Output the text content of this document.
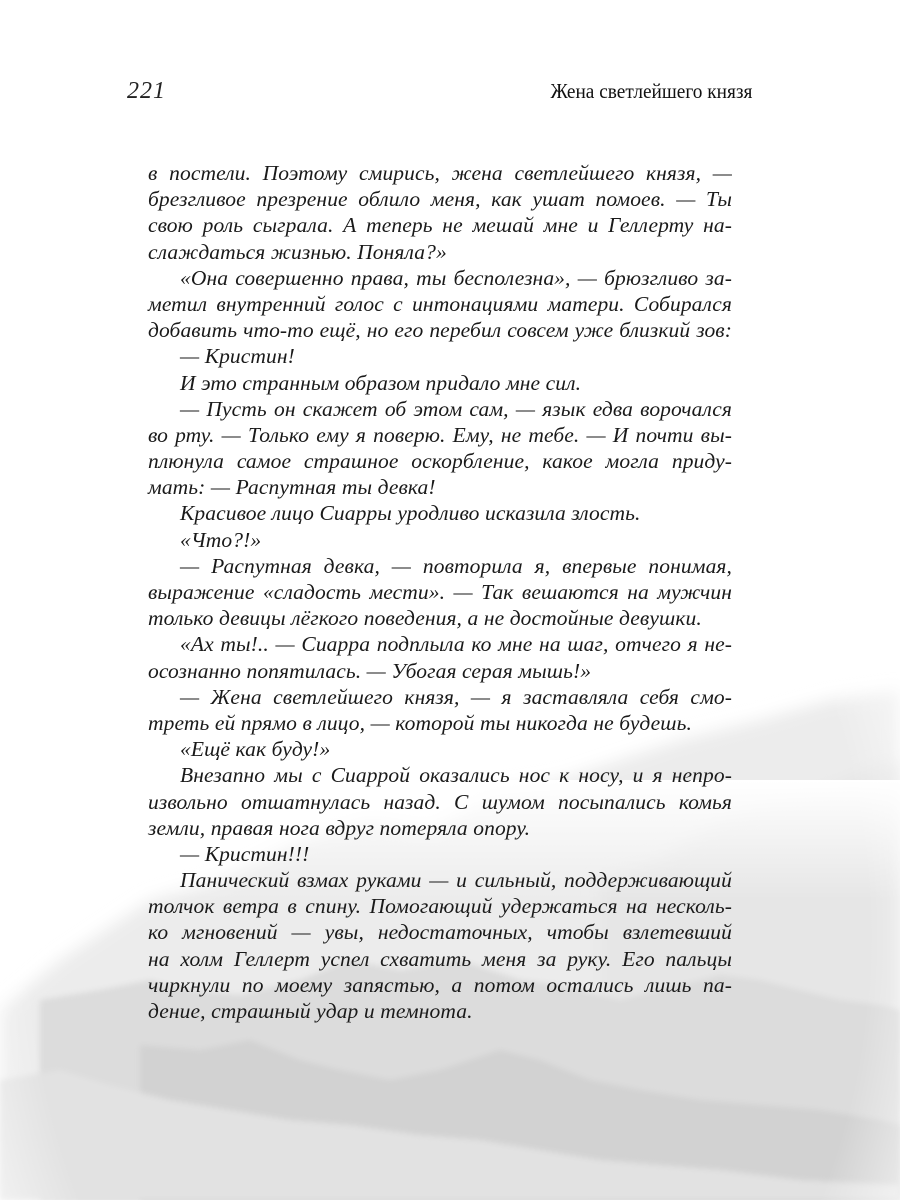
221	Жена светлейшего князя
в постели. Поэтому смирись, жена светлейшего князя, —
брезгливое презрение облило меня, как ушат помоев. — Ты
свою роль сыграла. А теперь не мешай мне и Геллерту на-
слаждаться жизнью. Поняла?»
«Она совершенно права, ты бесполезна», — брюзгливо за-
метил внутренний голос с интонациями матери. Собирался
добавить что-то ещё, но его перебил совсем уже близкий зов:
— Кристин!
И это странным образом придало мне сил.
— Пусть он скажет об этом сам, — язык едва ворочался
во рту. — Только ему я поверю. Ему, не тебе. — И почти вы-
плюнула самое страшное оскорбление, какое могла приду-
мать: — Распутная ты девка!
Красивое лицо Сиарры уродливо исказила злость.
«Что?!»
— Распутная девка, — повторила я, впервые понимая,
выражение «сладость мести». — Так вешаются на мужчин
только девицы лёгкого поведения, а не достойные девушки.
«Ах ты!.. — Сиарра подплыла ко мне на шаг, отчего я не-
осознанно попятилась. — Убогая серая мышь!»
— Жена светлейшего князя, — я заставляла себя смо-
треть ей прямо в лицо, — которой ты никогда не будешь.
«Ещё как буду!»
Внезапно мы с Сиаррой оказались нос к носу, и я непро-
извольно отшатнулась назад. С шумом посыпались комья
земли, правая нога вдруг потеряла опору.
— Кристин!!!
Панический взмах руками — и сильный, поддерживающий
толчок ветра в спину. Помогающий удержаться на несколь-
ко мгновений — увы, недостаточных, чтобы взлетевший
на холм Геллерт успел схватить меня за руку. Его пальцы
чиркнули по моему запястью, а потом остались лишь па-
дение, страшный удар и темнота.
